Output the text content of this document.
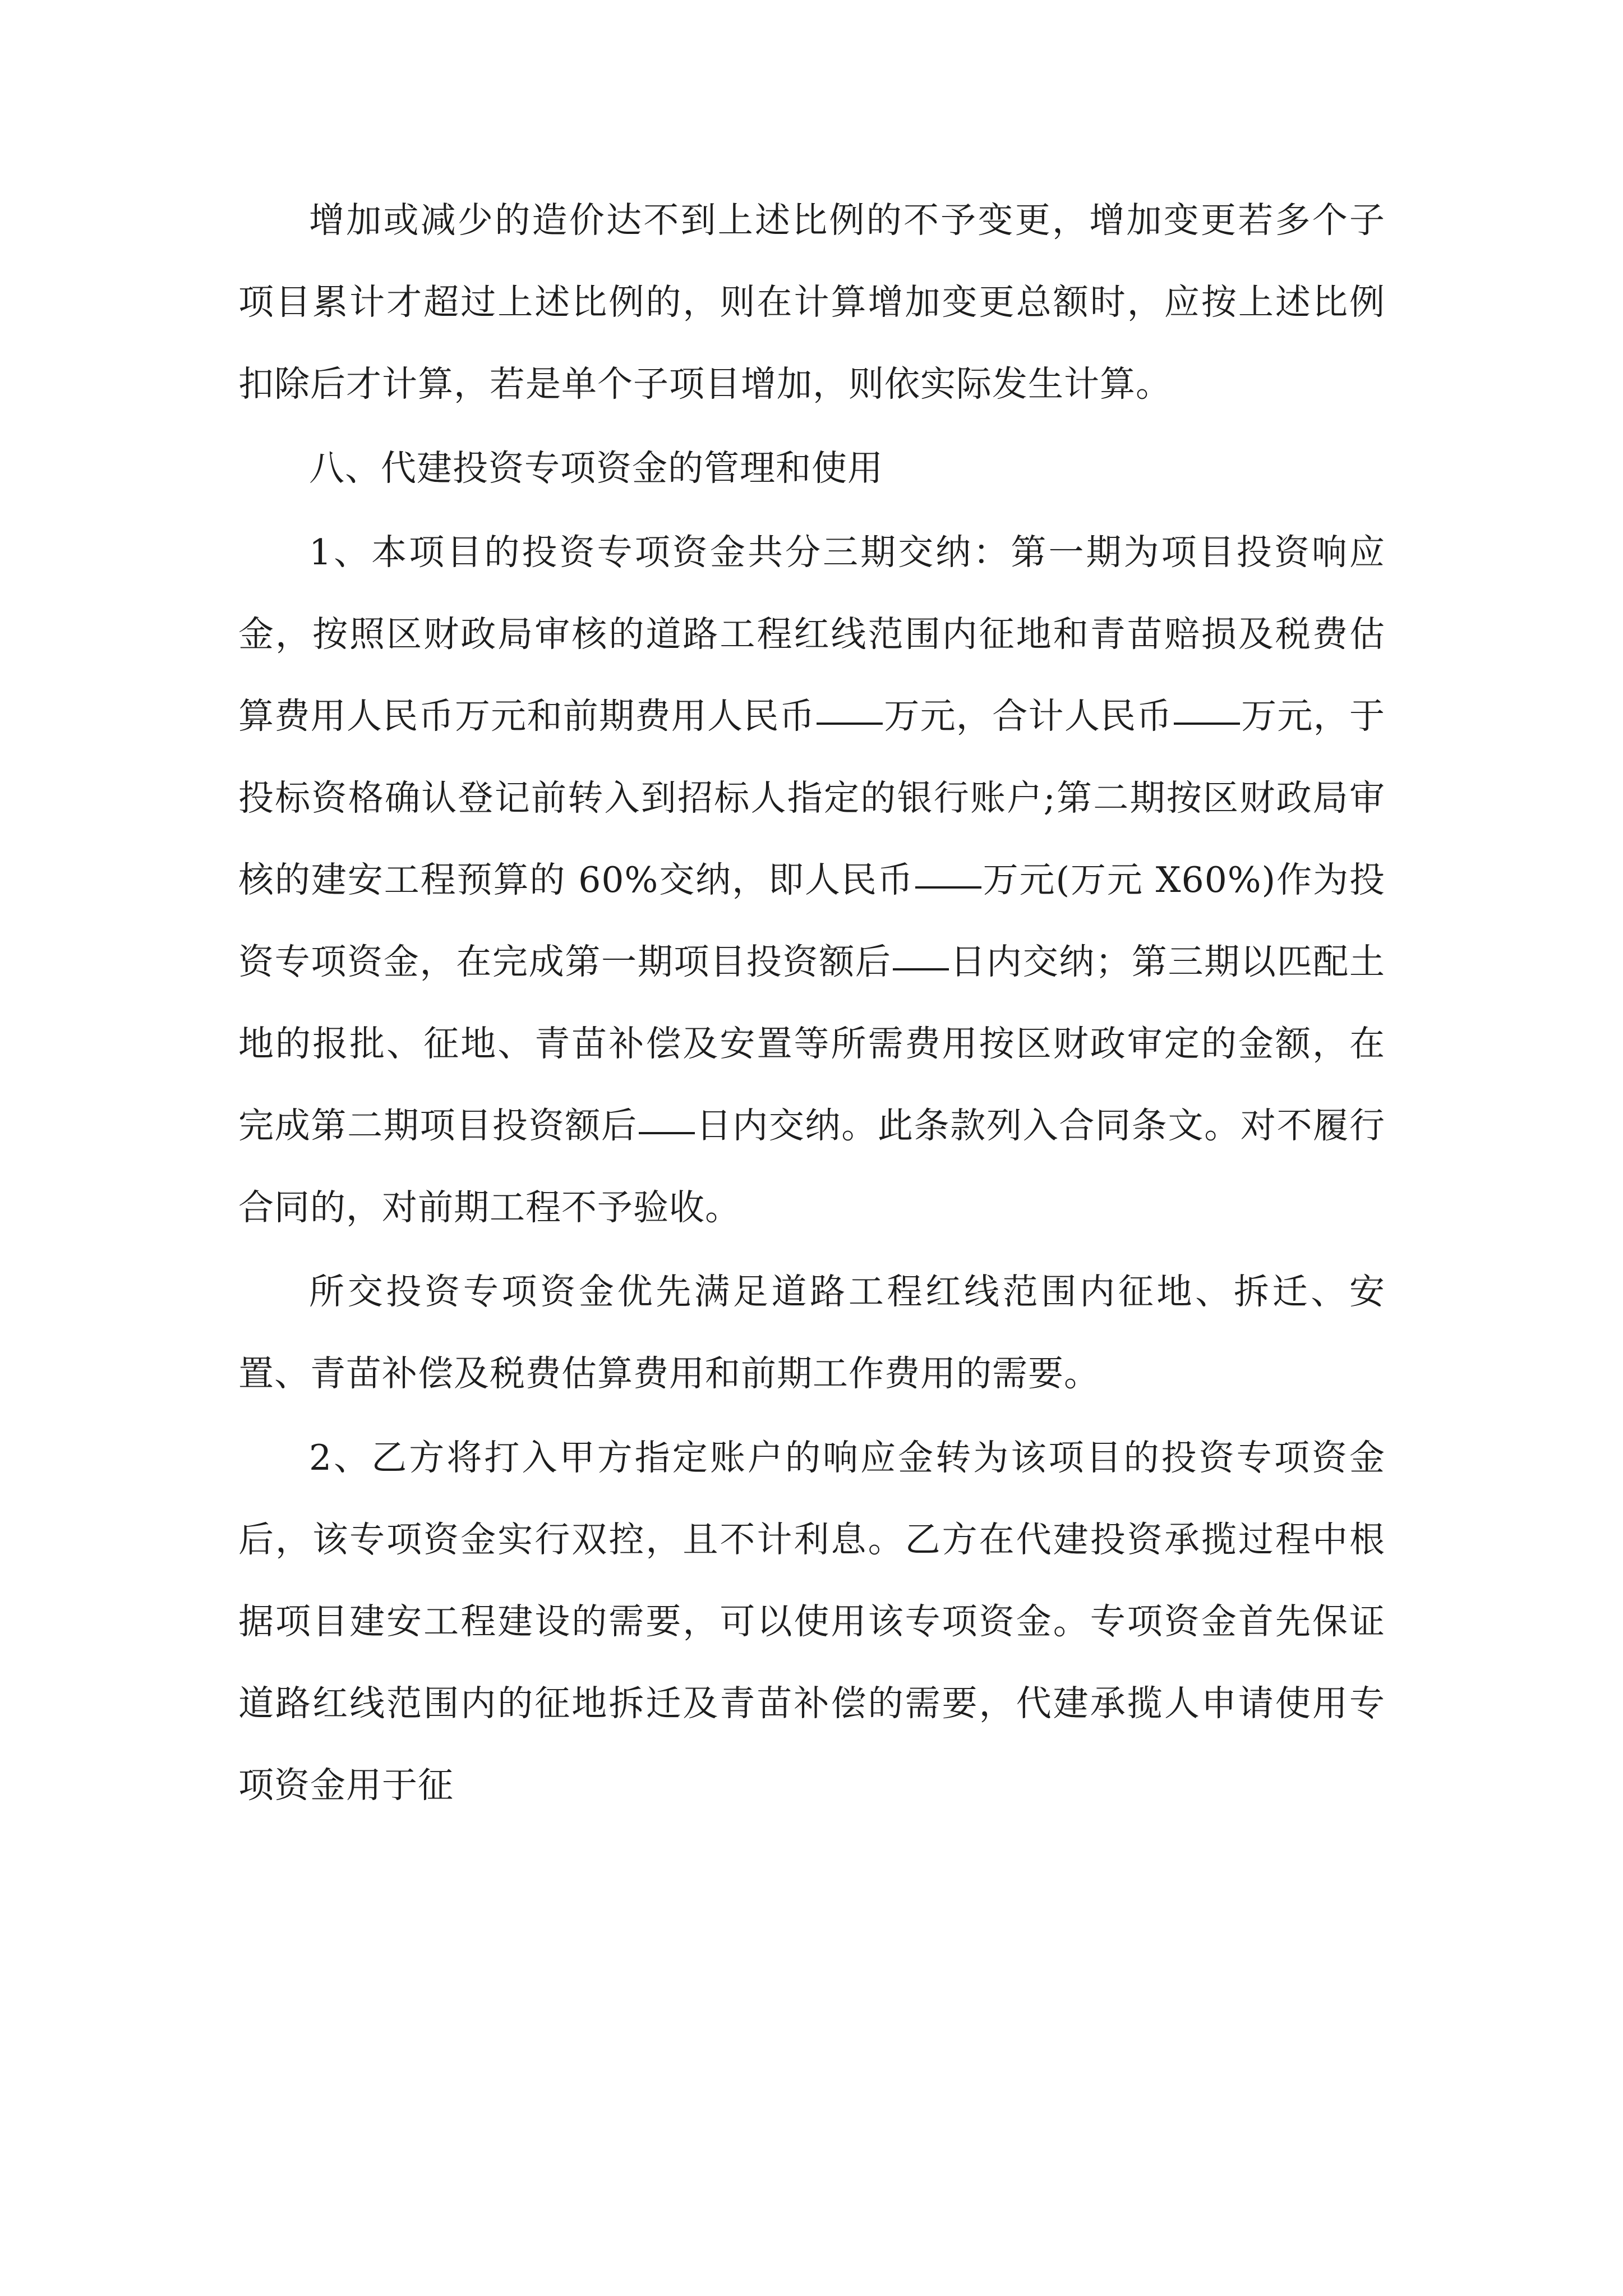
增加或减少的造价达不到上述比例的不予变更，增加变更若多个子项目累计才超过上述比例的，则在计算增加变更总额时，应按上述比例扣除后才计算，若是单个子项目增加，则依实际发生计算。

八、代建投资专项资金的管理和使用

1、本项目的投资专项资金共分三期交纳：第一期为项目投资响应金，按照区财政局审核的道路工程红线范围内征地和青苗赔损及税费估算费用人民币万元和前期费用人民币 万元，合计人民币 万元，于投标资格确认登记前转入到招标人指定的银行账户;第二期按区财政局审核的建安工程预算的 60%交纳，即人民币 万元(万元 X60%)作为投资专项资金，在完成第一期项目投资额后 日内交纳；第三期以匹配土地的报批、征地、青苗补偿及安置等所需费用按区财政审定的金额，在完成第二期项目投资额后 日内交纳。此条款列入合同条文。对不履行合同的，对前期工程不予验收。

所交投资专项资金优先满足道路工程红线范围内征地、拆迁、安置、青苗补偿及税费估算费用和前期工作费用的需要。

2、乙方将打入甲方指定账户的响应金转为该项目的投资专项资金后，该专项资金实行双控，且不计利息。乙方在代建投资承揽过程中根据项目建安工程建设的需要，可以使用该专项资金。专项资金首先保证道路红线范围内的征地拆迁及青苗补偿的需要，代建承揽人申请使用专项资金用于征
